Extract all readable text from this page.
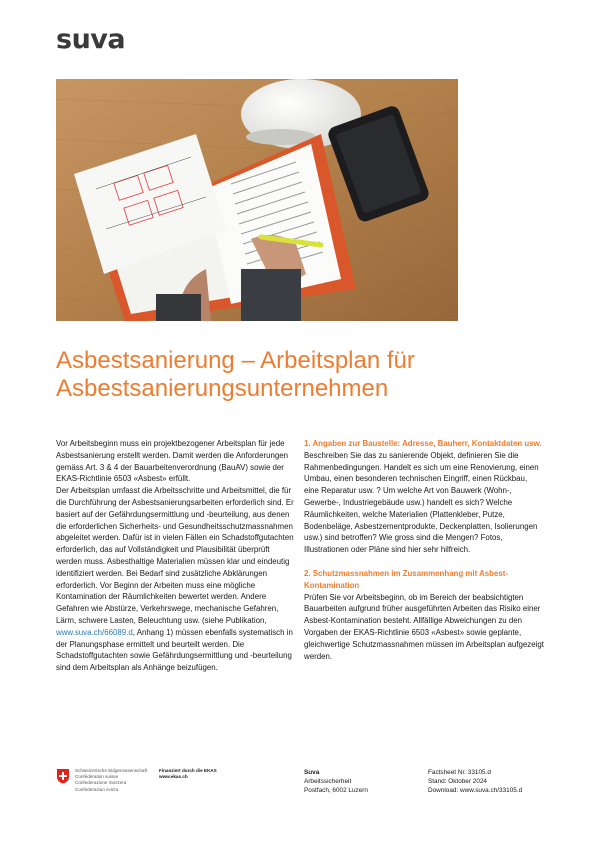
suva
Asbestsanierung – Arbeitsplan für Asbestsanierungsunternehmen

Vor Arbeitsbeginn muss ein projektbezogener Arbeitsplan für jede Asbestsanierung erstellt werden. Damit werden die Anforderungen gemäss Art. 3 & 4 der Bauarbeitenverordnung (BauAV) sowie der EKAS-Richtlinie 6503 «Asbest» erfüllt.

Der Arbeitsplan umfasst die Arbeitsschritte und Arbeitsmittel, die für die Durchführung der Asbestsanierungsarbeiten erforderlich sind. Er basiert auf der Gefährdungsermittlung und -beurteilung, aus denen die erforderlichen Sicherheits- und Gesundheitsschutzmassnahmen abgeleitet werden. Dafür ist in vielen Fällen ein Schadstoffgutachten erforderlich, das auf Vollständigkeit und Plausibilität überprüft werden muss. Asbesthaltige Materialien müssen klar und eindeutig identifiziert werden. Bei Bedarf sind zusätzliche Abklärungen erforderlich. Vor Beginn der Arbeiten muss eine mögliche Kontamination der Räumlichkeiten bewertet werden. Andere Gefahren wie Abstürze, Verkehrswege, mechanische Gefahren, Lärm, schwere Lasten, Beleuchtung usw. (siehe Publikation, www.suva.ch/66089.d, Anhang 1) müssen ebenfalls systematisch in der Planungsphase ermittelt und beurteilt werden. Die Schadstoffgutachten sowie Gefährdungsermittlung und -beurteilung sind dem Arbeitsplan als Anhänge beizufügen.

1. Angaben zur Baustelle: Adresse, Bauherr, Kontaktdaten usw.

Beschreiben Sie das zu sanierende Objekt, definieren Sie die Rahmenbedingungen. Handelt es sich um eine Renovierung, einen Umbau, einen besonderen technischen Eingriff, einen Rückbau, eine Reparatur usw. ? Um welche Art von Bauwerk (Wohn-, Gewerbe-, Industriegebäude usw.) handelt es sich? Welche Räumlichkeiten, welche Materialien (Plattenkleber, Putze, Bodenbeläge, Asbestzementprodukte, Deckenplatten, Isolierungen usw.) sind betroffen? Wie gross sind die Mengen? Fotos, Illustrationen oder Pläne sind hier sehr hilfreich.

2. Schutzmassnahmen im Zusammenhang mit Asbest-Kontamination

Prüfen Sie vor Arbeitsbeginn, ob im Bereich der beabsichtigten Bauarbeiten aufgrund früher ausgeführten Arbeiten das Risiko einer Asbest-Kontamination besteht. Allfällige Abweichungen zu den Vorgaben der EKAS-Richtlinie 6503 «Asbest» sowie geplante, gleichwertige Schutzmassnahmen müssen im Arbeitsplan aufgezeigt werden.

Schweizerische Eidgenossenschaft
Confédération suisse
Confederazione Svizzera
Confederaziun svizra
Finanziert durch die EKAS
www.ekas.ch
Suva
Arbeitssicherheit
Postfach, 6002 Luzern
Factsheet Nr. 33105.d
Stand: Oktober 2024
Download: www.suva.ch/33105.d
